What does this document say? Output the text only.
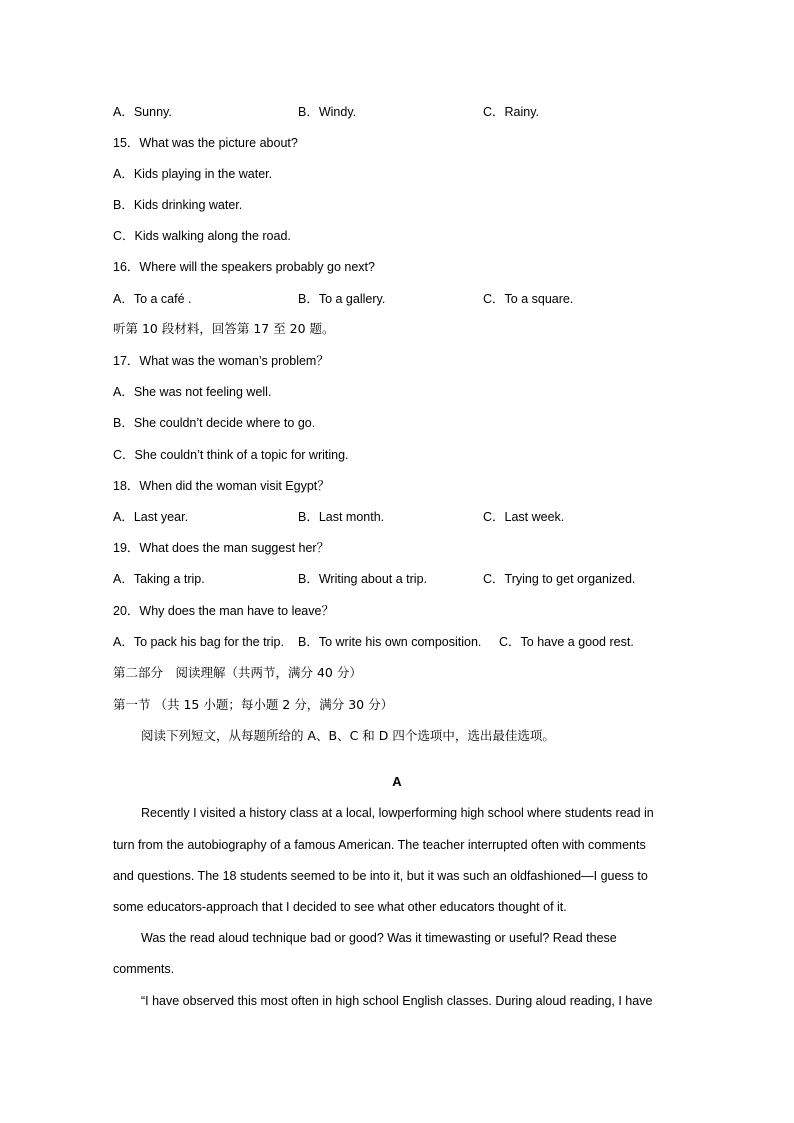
A．Sunny.	B．Windy.	C．Rainy.
15．What was the picture about?
A．Kids playing in the water.
B．Kids drinking water.
C．Kids walking along the road.
16．Where will the speakers probably go next?
A．To a café .	B．To a gallery.	C．To a square.
听第 10 段材料，回答第 17 至 20 题。
17．What was the woman’s problem？
A．She was not feeling well.
B．She couldn’t decide where to go.
C．She couldn’t think of a topic for writing.
18．When did the woman visit Egypt？
A．Last year.	B．Last month.	C．Last week.
19．What does the man suggest her？
A．Taking a trip.	B．Writing about a trip.	C．Trying to get organized.
20．Why does the man have to leave？
A．To pack his bag for the trip. B．To write his own composition. C．To have a good rest.
第二部分　阅读理解（共两节，满分 40 分）
第一节 （共 15 小题；每小题 2 分，满分 30 分）
阅读下列短文，从每题所给的 A、B、C 和 D 四个选项中，选出最佳选项。
A
Recently I visited a history class at a local, lowperforming high school where students read in
turn from the autobiography of a famous American. The teacher interrupted often with comments
and questions. The 18 students seemed to be into it, but it was such an oldfashioned—I guess to
some educators-approach that I decided to see what other educators thought of it.
Was the read aloud technique bad or good? Was it timewasting or useful? Read these
comments.
“I have observed this most often in high school English classes. During aloud reading, I have
